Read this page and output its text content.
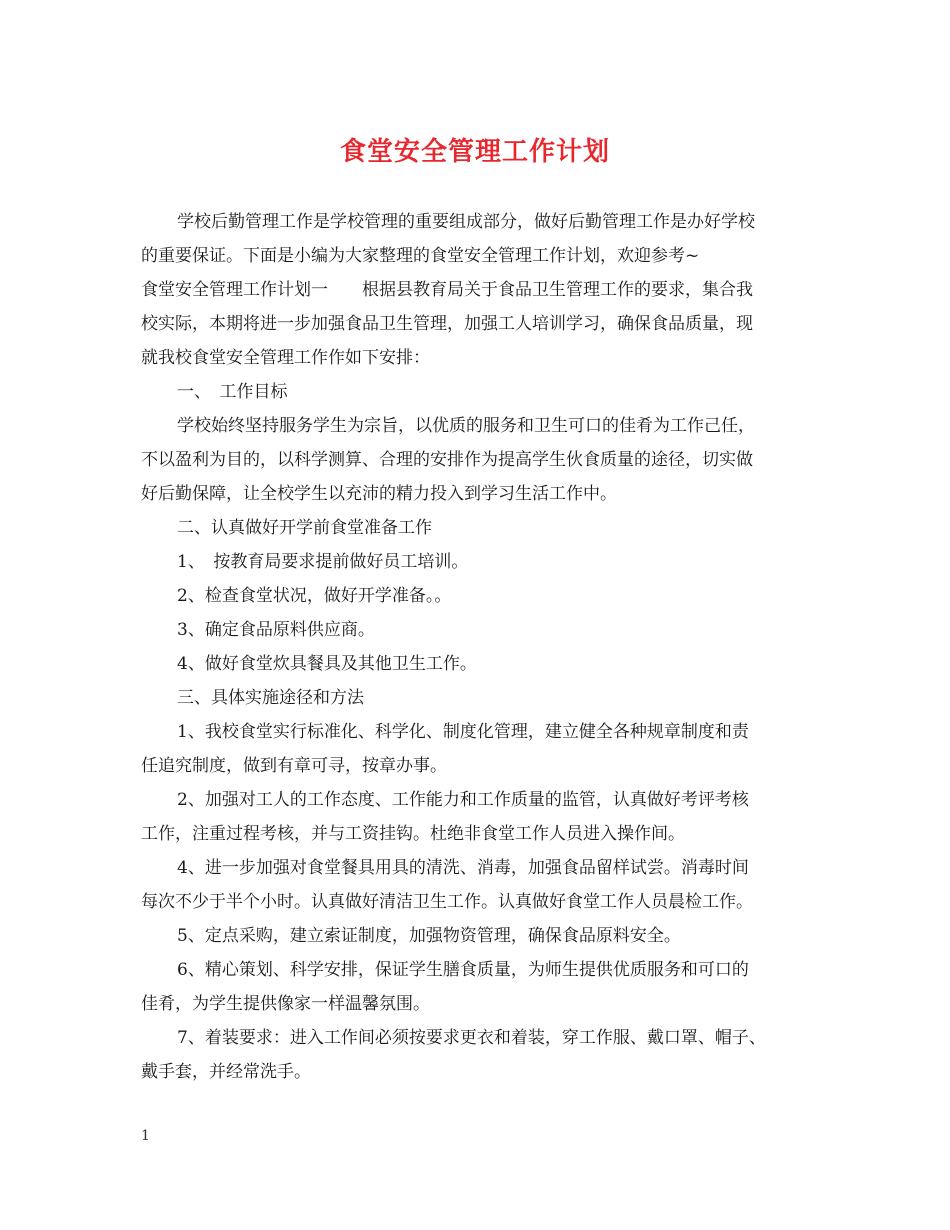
食堂安全管理工作计划
学校后勤管理工作是学校管理的重要组成部分，做好后勤管理工作是办好学校
的重要保证。下面是小编为大家整理的食堂安全管理工作计划，欢迎参考~
食堂安全管理工作计划一　　根据县教育局关于食品卫生管理工作的要求，集合我
校实际，本期将进一步加强食品卫生管理，加强工人培训学习，确保食品质量，现
就我校食堂安全管理工作作如下安排：
一、　工作目标
学校始终坚持服务学生为宗旨，以优质的服务和卫生可口的佳肴为工作己任，
不以盈利为目的，以科学测算、合理的安排作为提高学生伙食质量的途径，切实做
好后勤保障，让全校学生以充沛的精力投入到学习生活工作中。
二、认真做好开学前食堂准备工作
1、　按教育局要求提前做好员工培训。
2、检查食堂状况，做好开学准备。。
3、确定食品原料供应商。
4、做好食堂炊具餐具及其他卫生工作。
三、具体实施途径和方法
1、我校食堂实行标准化、科学化、制度化管理，建立健全各种规章制度和责
任追究制度，做到有章可寻，按章办事。
2、加强对工人的工作态度、工作能力和工作质量的监管，认真做好考评考核
工作，注重过程考核，并与工资挂钩。杜绝非食堂工作人员进入操作间。
4、进一步加强对食堂餐具用具的清洗、消毒，加强食品留样试尝。消毒时间
每次不少于半个小时。认真做好清洁卫生工作。认真做好食堂工作人员晨检工作。
5、定点采购，建立索证制度，加强物资管理，确保食品原料安全。
6、精心策划、科学安排，保证学生膳食质量，为师生提供优质服务和可口的
佳肴，为学生提供像家一样温馨氛围。
7、着装要求：进入工作间必须按要求更衣和着装，穿工作服、戴口罩、帽子、
戴手套，并经常洗手。
1
